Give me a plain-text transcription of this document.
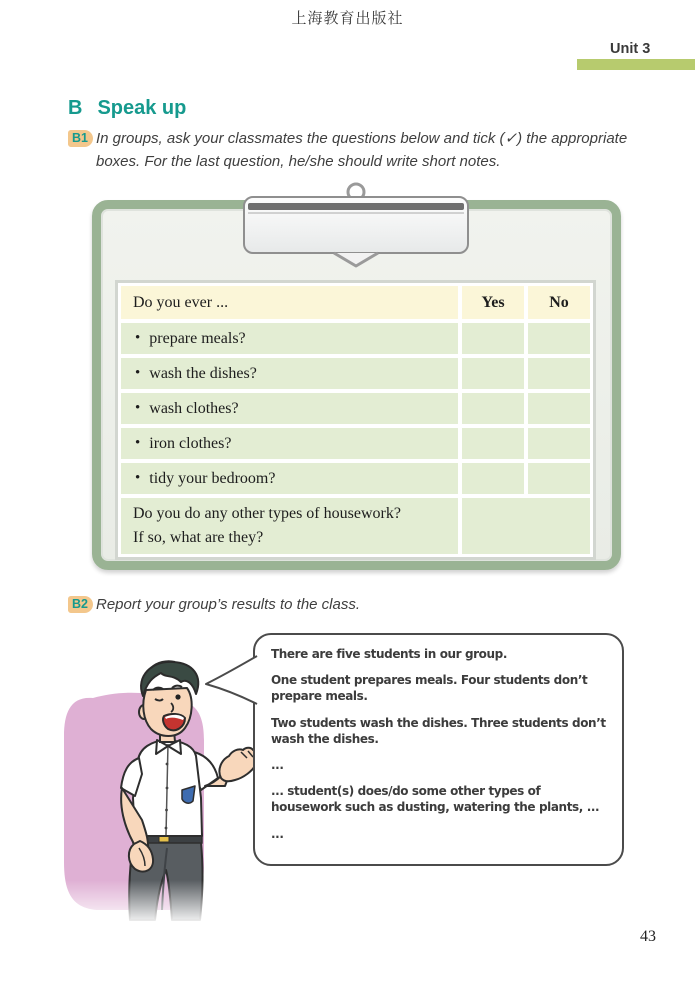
上海教育出版社
Unit 3
B Speak up
B1 In groups, ask your classmates the questions below and tick (✓) the appropriate boxes. For the last question, he/she should write short notes.
Do you ever ...	Yes	No
• prepare meals?
• wash the dishes?
• wash clothes?
• iron clothes?
• tidy your bedroom?
Do you do any other types of housework?
If so, what are they?
B2 Report your group’s results to the class.

There are five students in our group.

One student prepares meals. Four students don’t prepare meals.

Two students wash the dishes. Three students don’t wash the dishes.

...

... student(s) does/do some other types of housework such as dusting, watering the plants, ...

...

43
